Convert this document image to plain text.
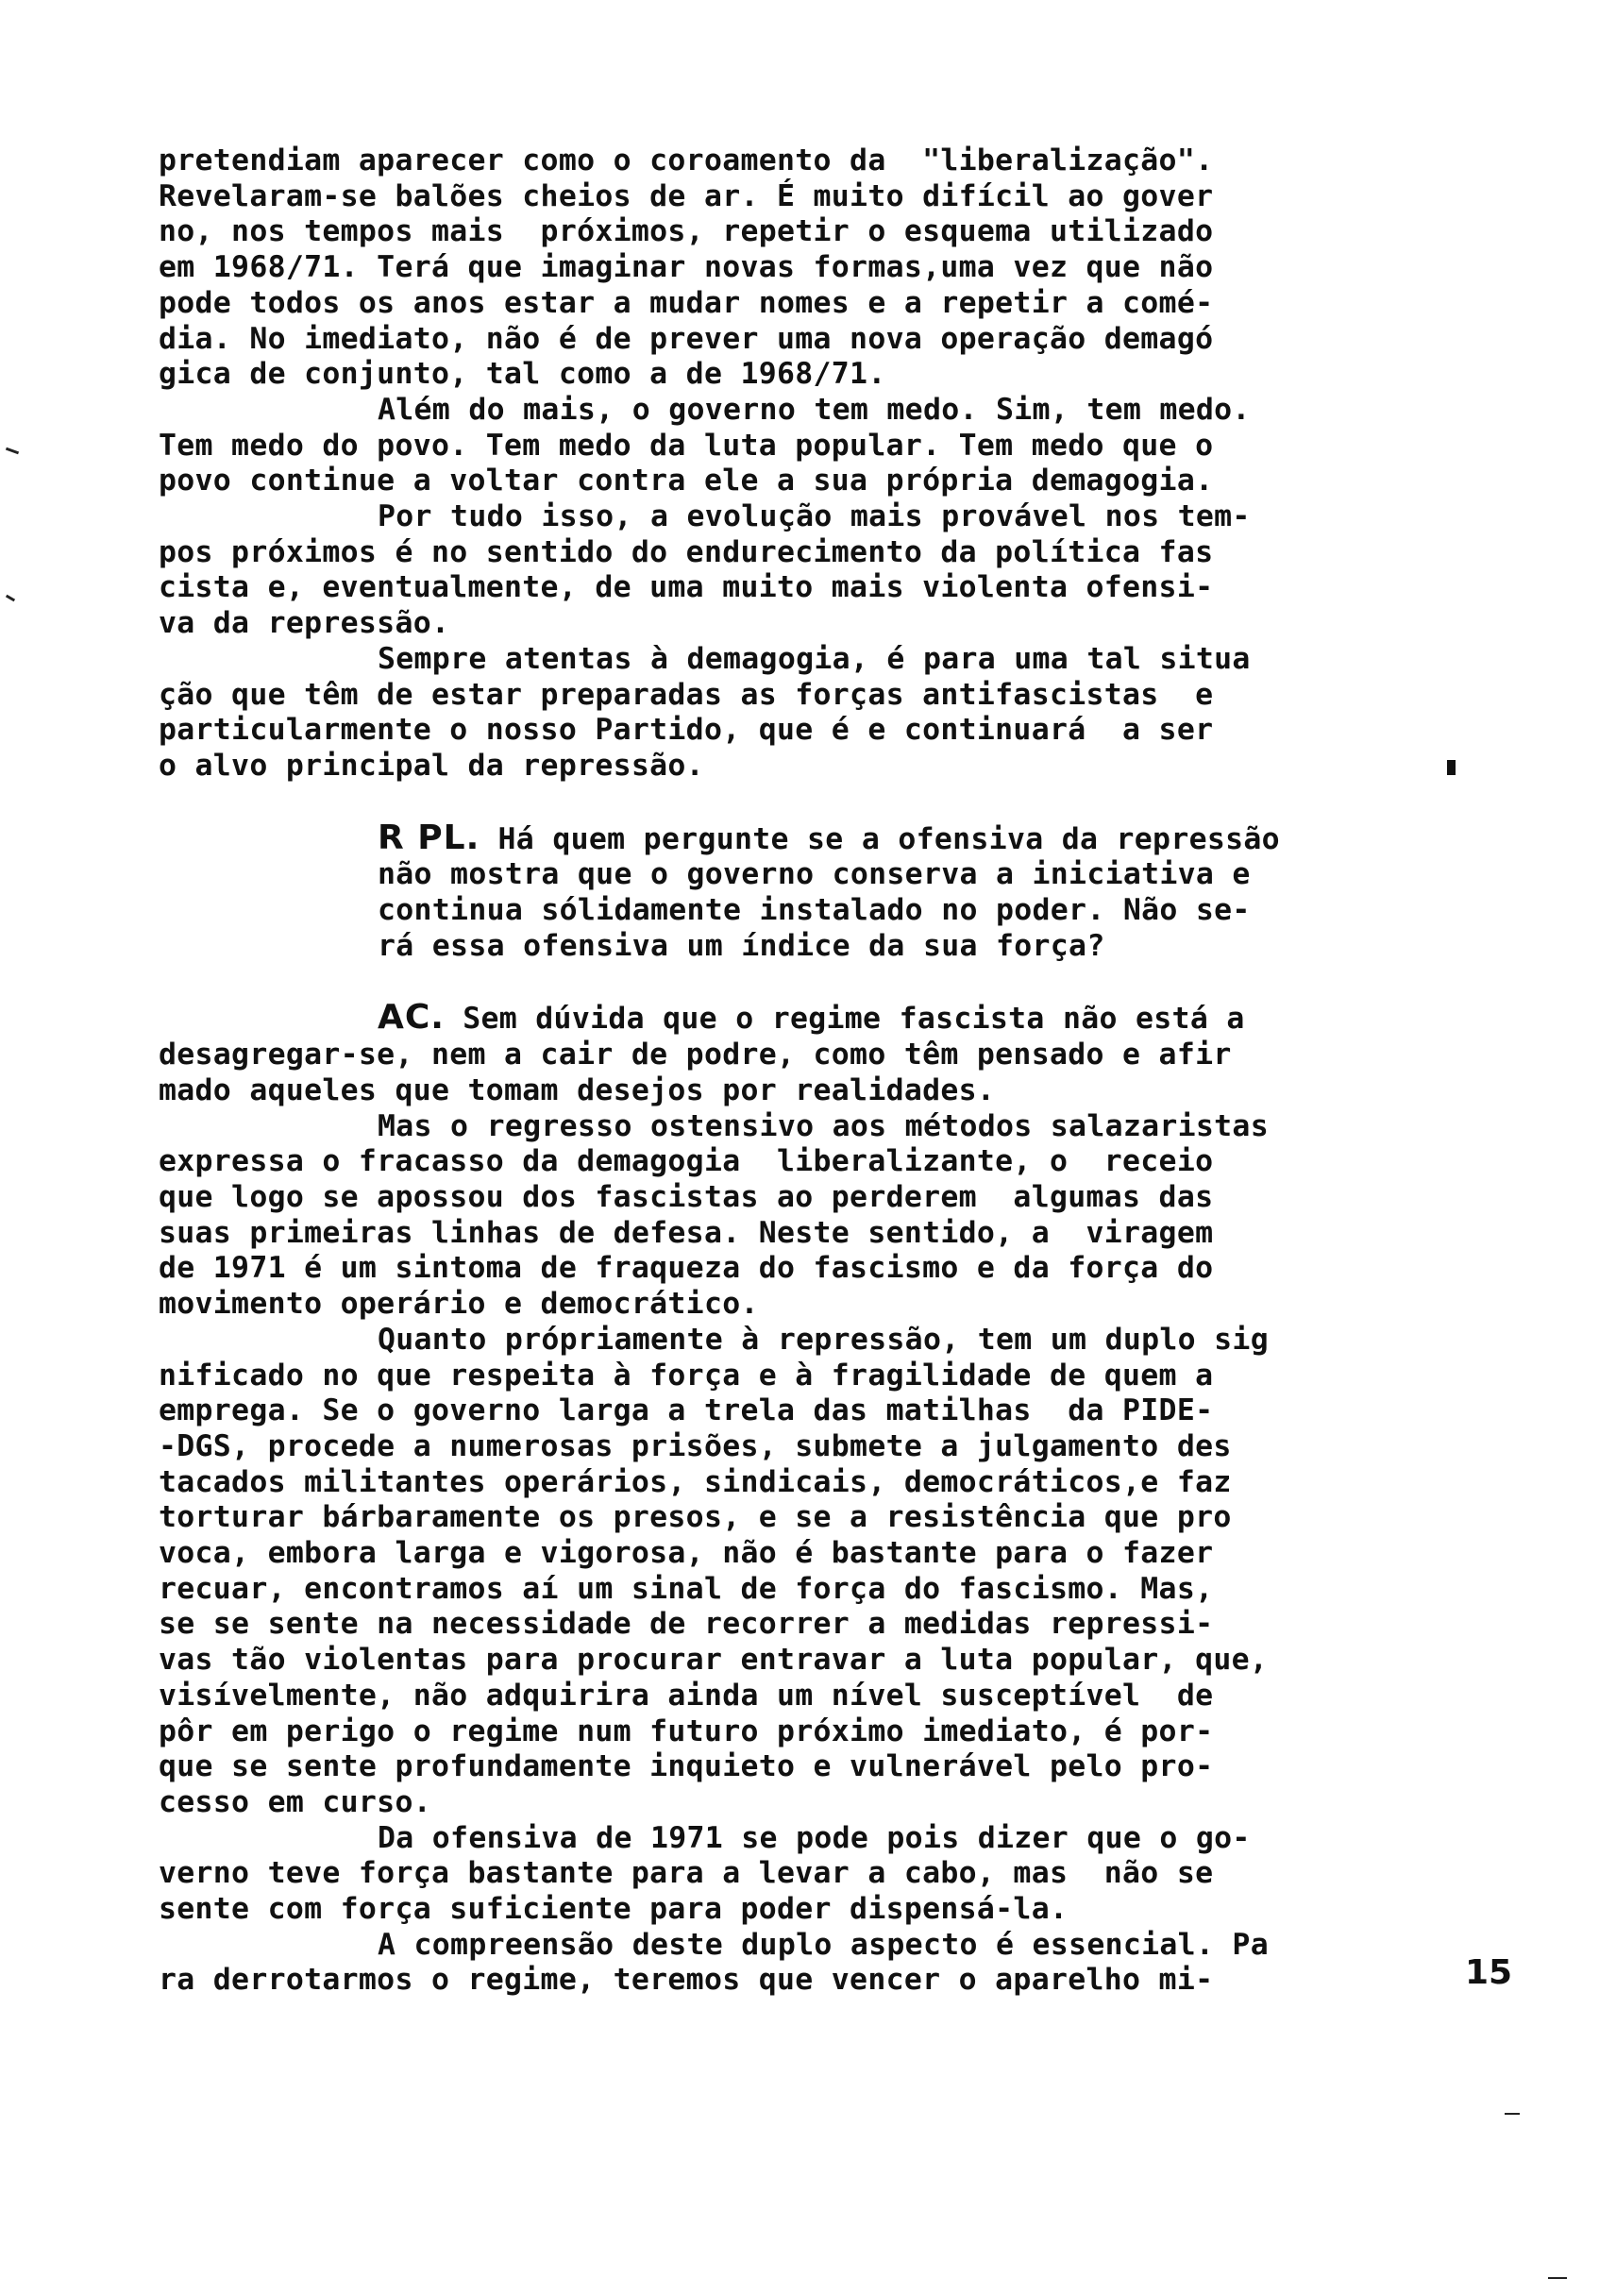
pretendiam aparecer como o coroamento da  "liberalização".
Revelaram-se balões cheios de ar. É muito difícil ao gover
no, nos tempos mais  próximos, repetir o esquema utilizado
em 1968/71. Terá que imaginar novas formas,uma vez que não
pode todos os anos estar a mudar nomes e a repetir a comé-
dia. No imediato, não é de prever uma nova operação demagó
gica de conjunto, tal como a de 1968/71.
Além do mais, o governo tem medo. Sim, tem medo.
Tem medo do povo. Tem medo da luta popular. Tem medo que o
povo continue a voltar contra ele a sua própria demagogia.
Por tudo isso, a evolução mais provável nos tem-
pos próximos é no sentido do endurecimento da política fas
cista e, eventualmente, de uma muito mais violenta ofensi-
va da repressão.
Sempre atentas à demagogia, é para uma tal situa
ção que têm de estar preparadas as forças antifascistas  e
particularmente o nosso Partido, que é e continuará  a ser
o alvo principal da repressão.
R PL. Há quem pergunte se a ofensiva da repressão
não mostra que o governo conserva a iniciativa e
continua sólidamente instalado no poder. Não se-
rá essa ofensiva um índice da sua força?
AC. Sem dúvida que o regime fascista não está a
desagregar-se, nem a cair de podre, como têm pensado e afir
mado aqueles que tomam desejos por realidades.
Mas o regresso ostensivo aos métodos salazaristas
expressa o fracasso da demagogia  liberalizante, o  receio
que logo se apossou dos fascistas ao perderem  algumas das
suas primeiras linhas de defesa. Neste sentido, a  viragem
de 1971 é um sintoma de fraqueza do fascismo e da força do
movimento operário e democrático.
Quanto própriamente à repressão, tem um duplo sig
nificado no que respeita à força e à fragilidade de quem a
emprega. Se o governo larga a trela das matilhas  da PIDE-
-DGS, procede a numerosas prisões, submete a julgamento des
tacados militantes operários, sindicais, democráticos,e faz
torturar bárbaramente os presos, e se a resistência que pro
voca, embora larga e vigorosa, não é bastante para o fazer
recuar, encontramos aí um sinal de força do fascismo. Mas,
se se sente na necessidade de recorrer a medidas repressi-
vas tão violentas para procurar entravar a luta popular, que,
visívelmente, não adquirira ainda um nível susceptível  de
pôr em perigo o regime num futuro próximo imediato, é por-
que se sente profundamente inquieto e vulnerável pelo pro-
cesso em curso.
Da ofensiva de 1971 se pode pois dizer que o go-
verno teve força bastante para a levar a cabo, mas  não se
sente com força suficiente para poder dispensá-la.
A compreensão deste duplo aspecto é essencial. Pa
ra derrotarmos o regime, teremos que vencer o aparelho mi-	15
